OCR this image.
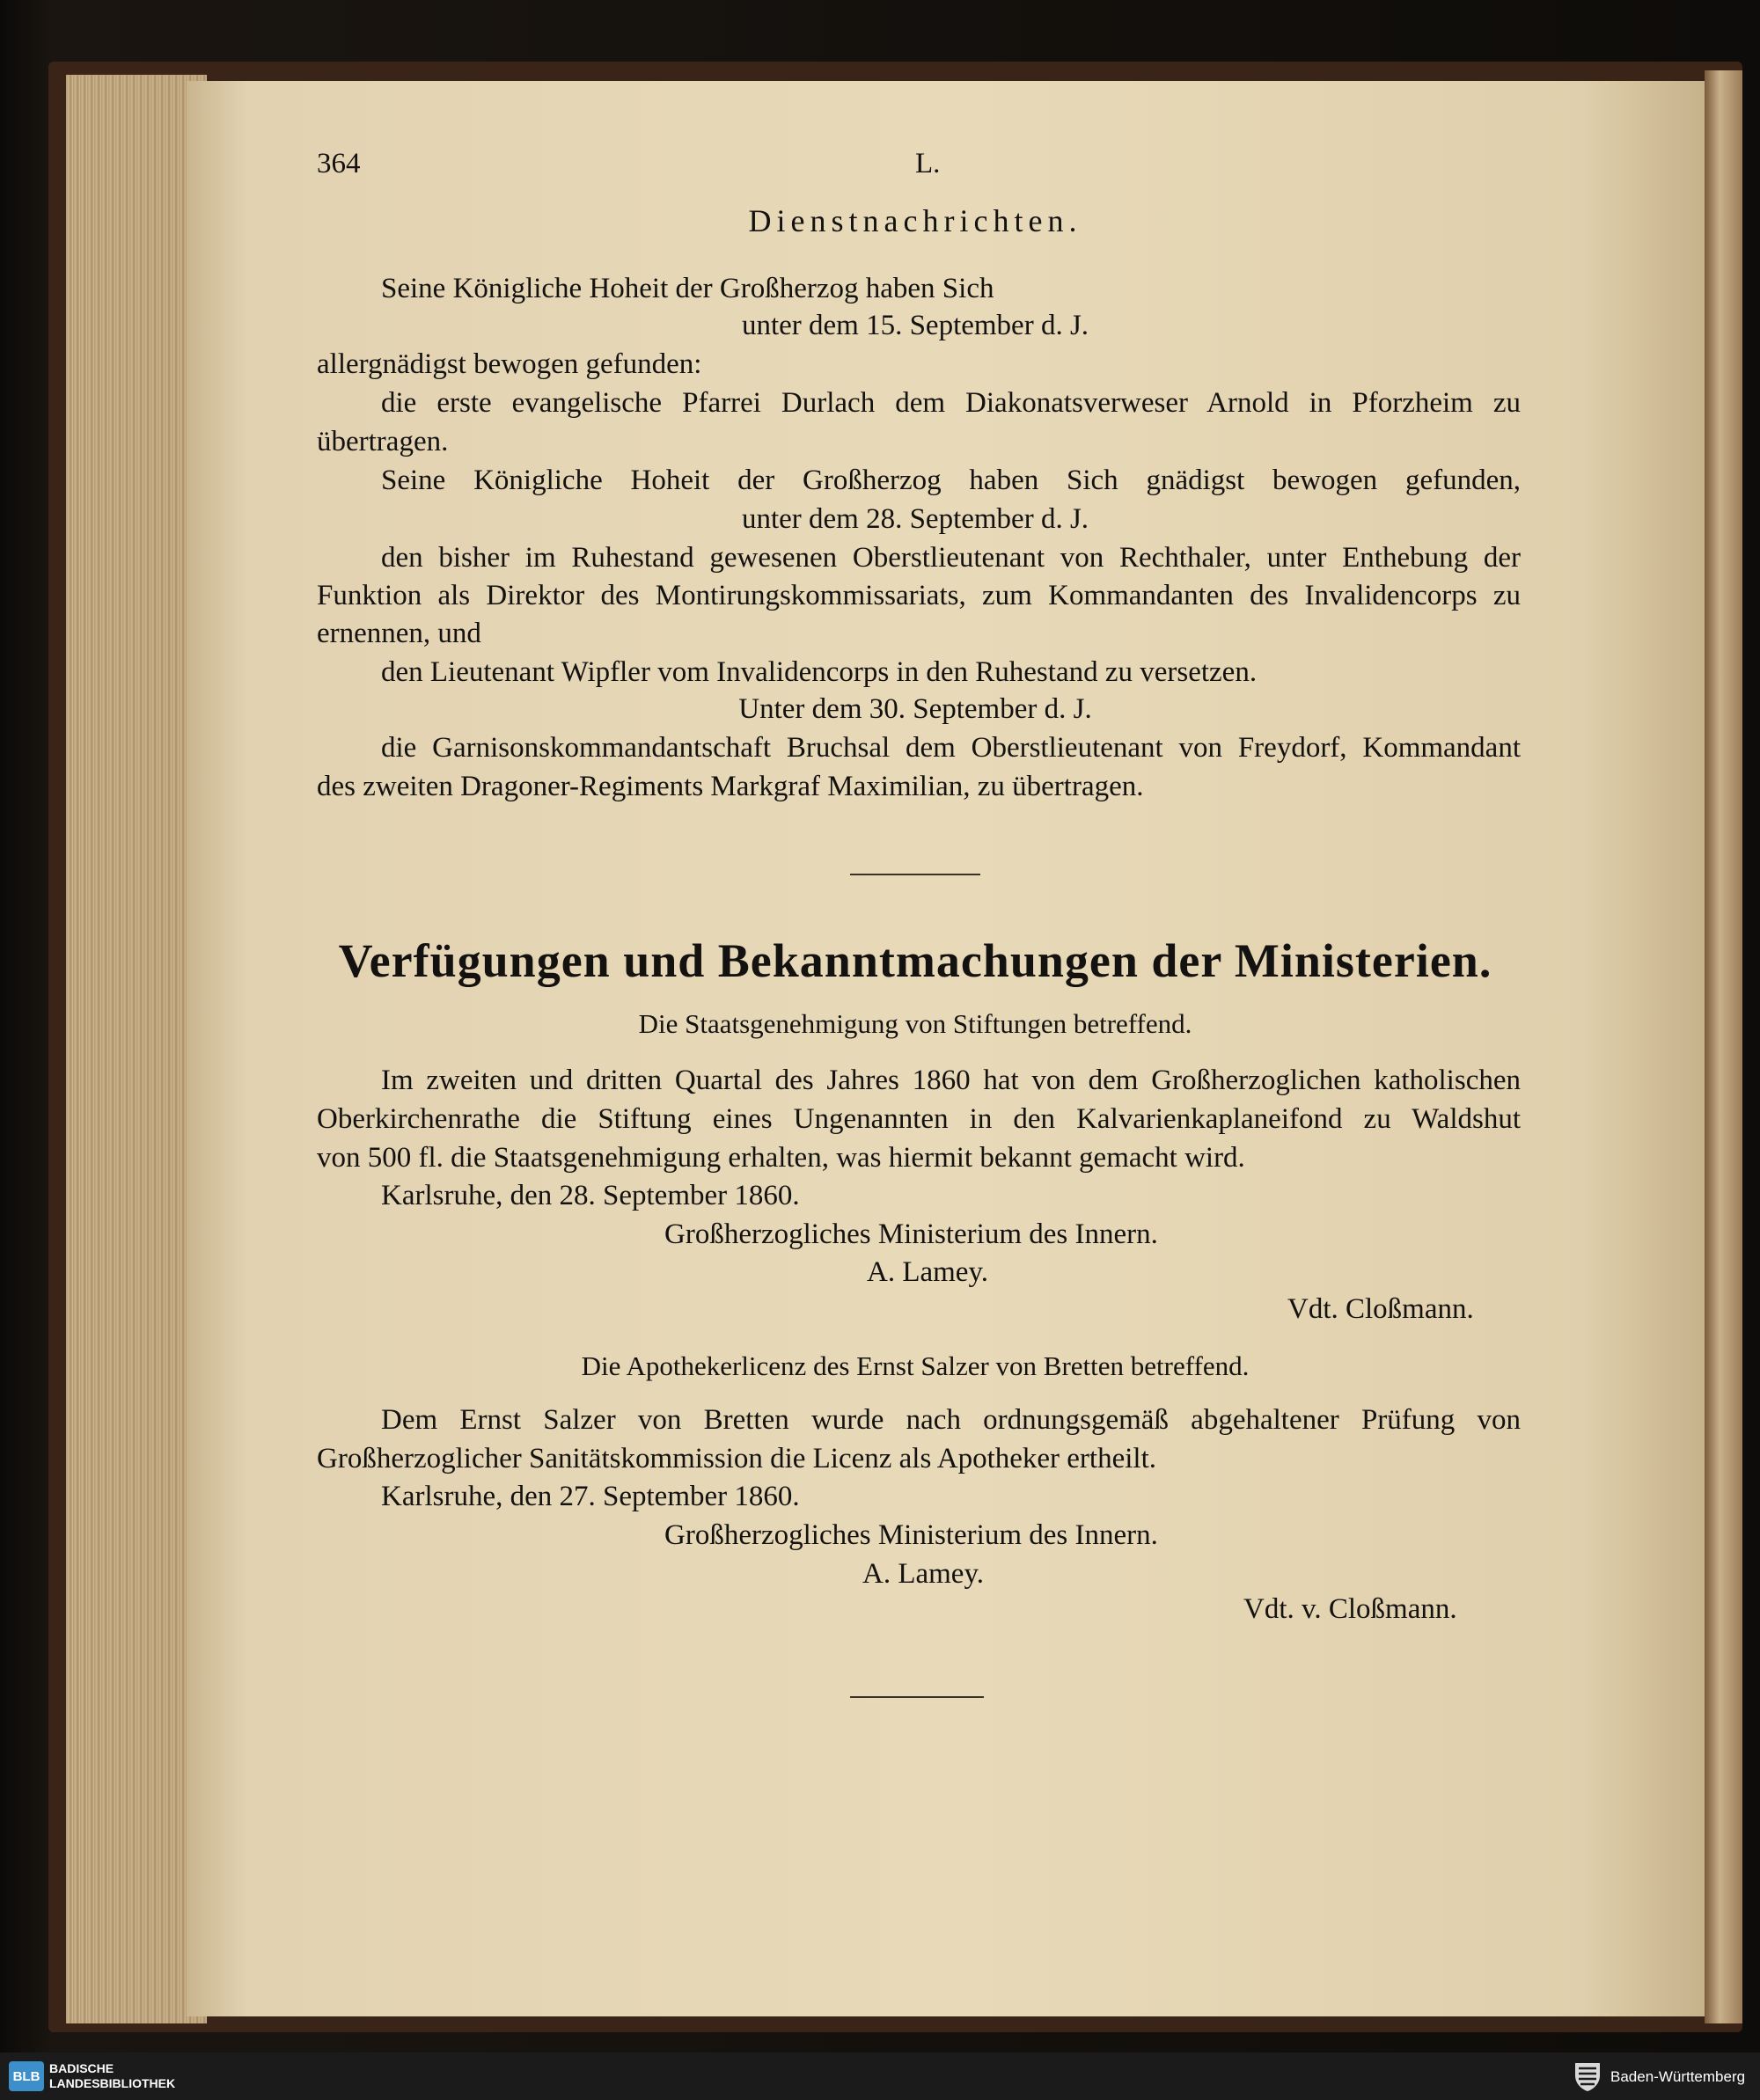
364	L.
Dienstnachrichten.
Seine Königliche Hoheit der Großherzog haben Sich
unter dem 15. September d. J.
allergnädigst bewogen gefunden:
die erste evangelische Pfarrei Durlach dem Diakonatsverweser Arnold in Pforzheim zu
übertragen.
Seine Königliche Hoheit der Großherzog haben Sich gnädigst bewogen gefunden,
unter dem 28. September d. J.
den bisher im Ruhestand gewesenen Oberstlieutenant von Rechthaler, unter Enthebung der
Funktion als Direktor des Montirungskommissariats, zum Kommandanten des Invalidencorps zu
ernennen, und
den Lieutenant Wipfler vom Invalidencorps in den Ruhestand zu versetzen.
Unter dem 30. September d. J.
die Garnisonskommandantschaft Bruchsal dem Oberstlieutenant von Freydorf, Kommandant
des zweiten Dragoner-Regiments Markgraf Maximilian, zu übertragen.
Verfügungen und Bekanntmachungen der Ministerien.
Die Staatsgenehmigung von Stiftungen betreffend.
Im zweiten und dritten Quartal des Jahres 1860 hat von dem Großherzoglichen katholischen
Oberkirchenrathe die Stiftung eines Ungenannten in den Kalvarienkaplaneifond zu Waldshut
von 500 fl. die Staatsgenehmigung erhalten, was hiermit bekannt gemacht wird.
Karlsruhe, den 28. September 1860.
Großherzogliches Ministerium des Innern.
A. Lamey.
Vdt. Cloßmann.
Die Apothekerlicenz des Ernst Salzer von Bretten betreffend.
Dem Ernst Salzer von Bretten wurde nach ordnungsgemäß abgehaltener Prüfung von
Großherzoglicher Sanitätskommission die Licenz als Apotheker ertheilt.
Karlsruhe, den 27. September 1860.
Großherzogliches Ministerium des Innern.
A. Lamey.
Vdt. v. Cloßmann.
BLB
BADISCHE
LANDESBIBLIOTHEK	Baden-Württemberg
